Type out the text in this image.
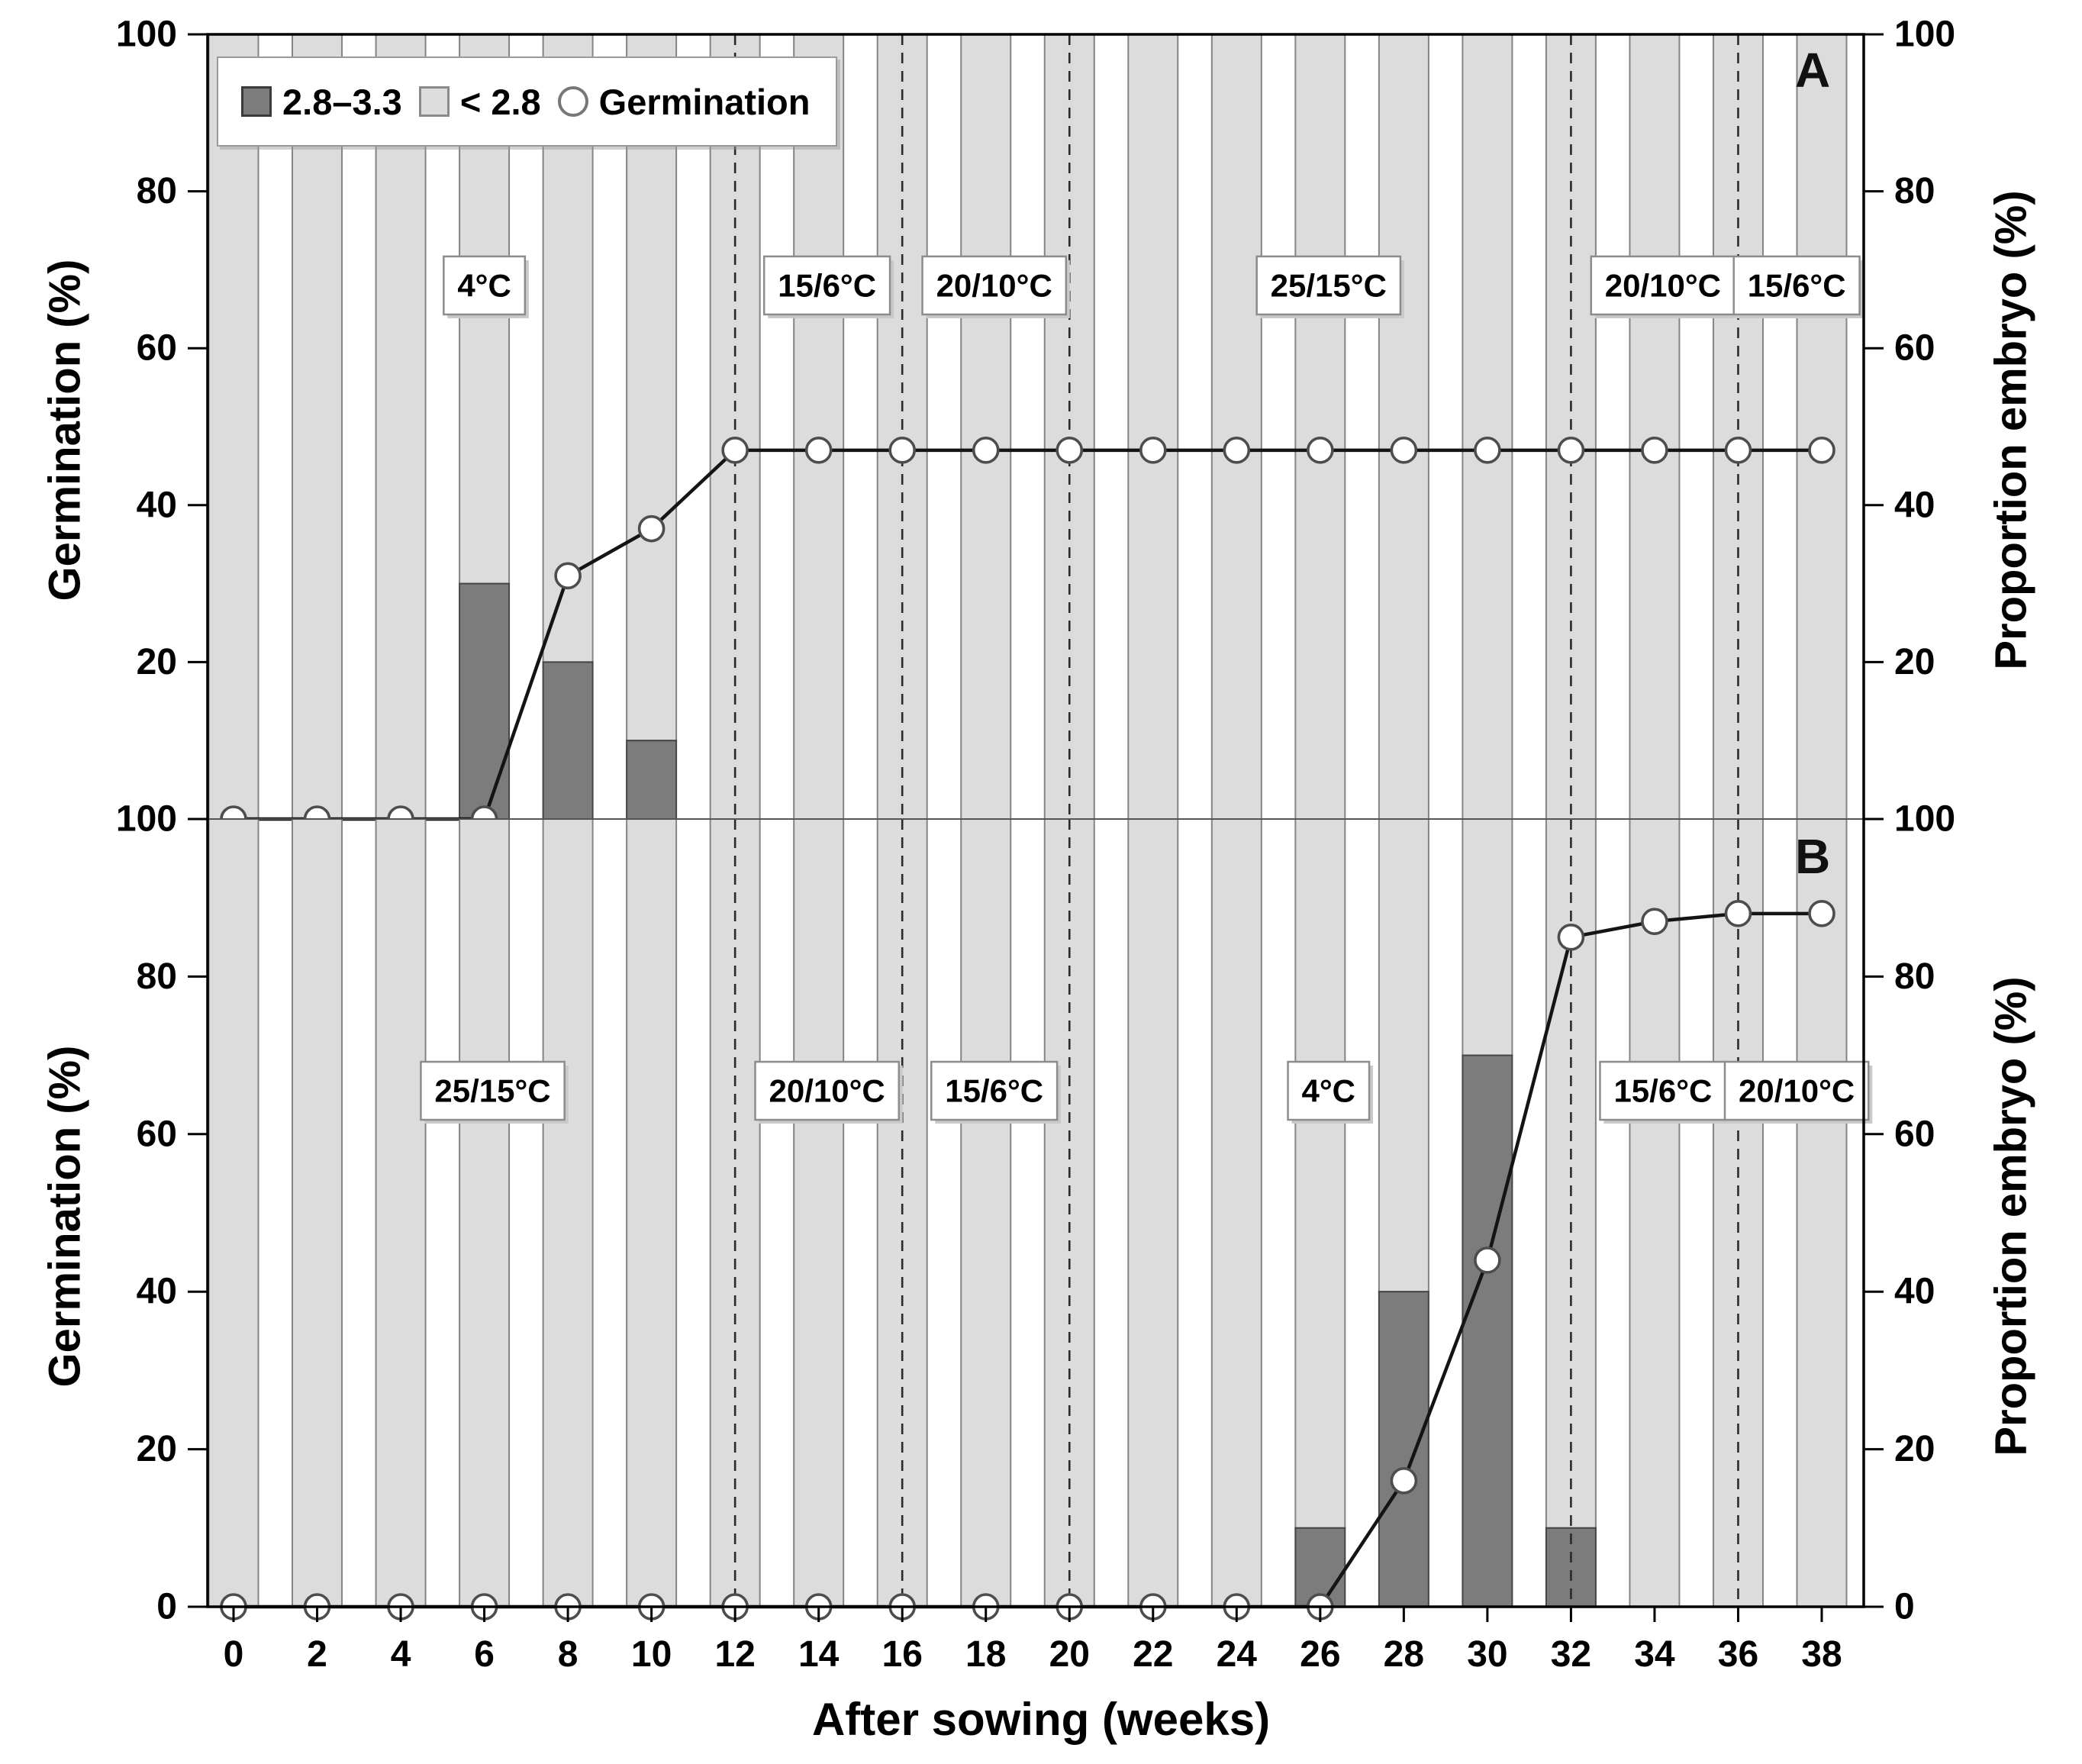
4°C	15/6°C 20/10°C	25/15°C	20/10°C 15/6°C
100
80
60
40
20
100
80
60
40
20
25/15°C	20/10°C 15/6°C	4°C	15/6°C 20/10°C
100
80
60
40
20
0
100
80
60
40
20
0
0 2 4 6 8 10 12 14 16 18 20 22 24 26 28 30 32 34 36 38
2.8–3.3 < 2.8 Germination
Germination (%)
Germination (%)
Proportion embryo (%)
Proportion embryo (%)
After sowing (weeks)
A
B
